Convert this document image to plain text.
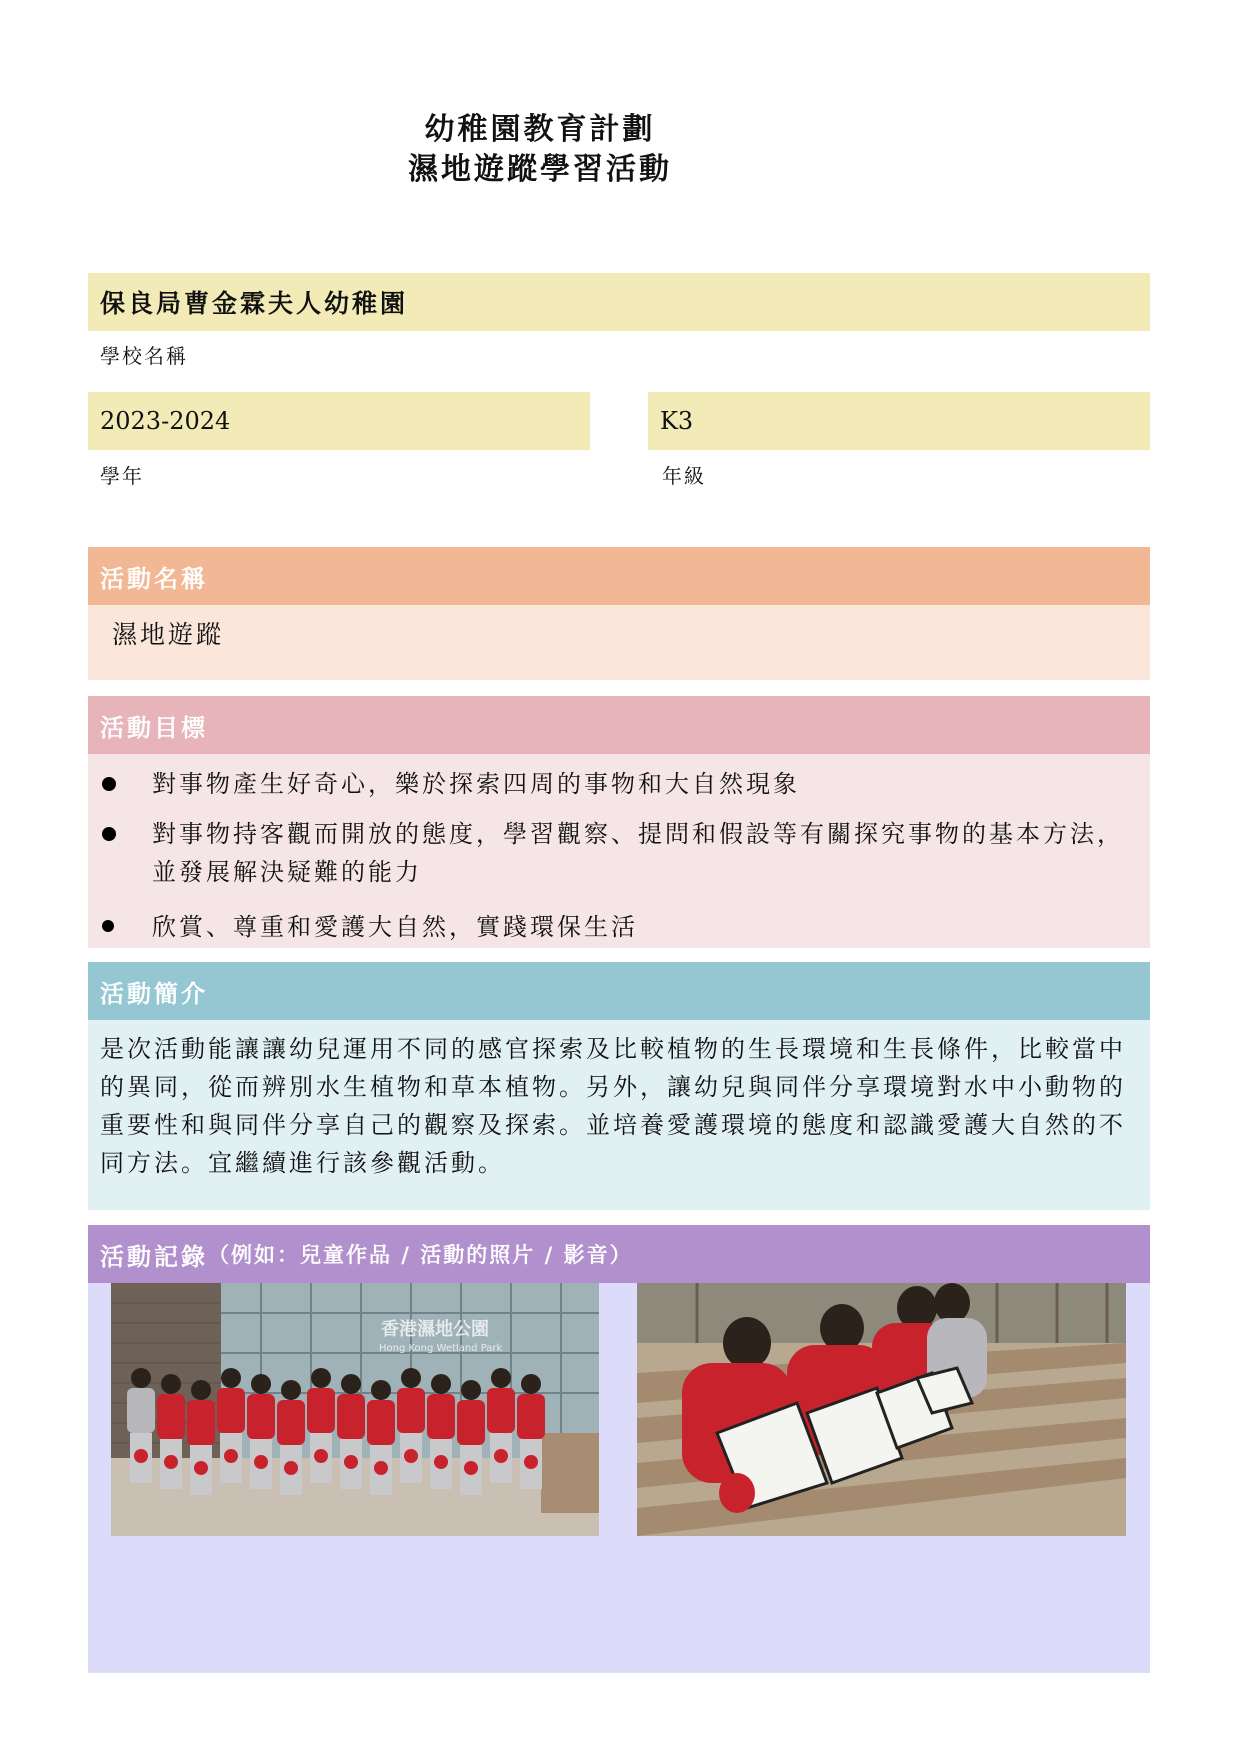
幼稚園教育計劃
濕地遊蹤學習活動
保良局曹金霖夫人幼稚園
學校名稱
2023-2024
學年
K3
年級
活動名稱
濕地遊蹤
活動目標
對事物產生好奇心，樂於探索四周的事物和大自然現象
對事物持客觀而開放的態度，學習觀察、提問和假設等有關探究事物的基本方法，　並發展解決疑難的能力
欣賞、尊重和愛護大自然，實踐環保生活
活動簡介
是次活動能讓讓幼兒運用不同的感官探索及比較植物的生長環境和生長條件，比較當中的異同，從而辨別水生植物和草本植物。另外，讓幼兒與同伴分享環境對水中小動物的重要性和與同伴分享自己的觀察及探索。並培養愛護環境的態度和認識愛護大自然的不同方法。宜繼續進行該參觀活動。
活動記錄 （例如：兒童作品 / 活動的照片 / 影音）
香港濕地公園
Hong Kong Wetland Park
